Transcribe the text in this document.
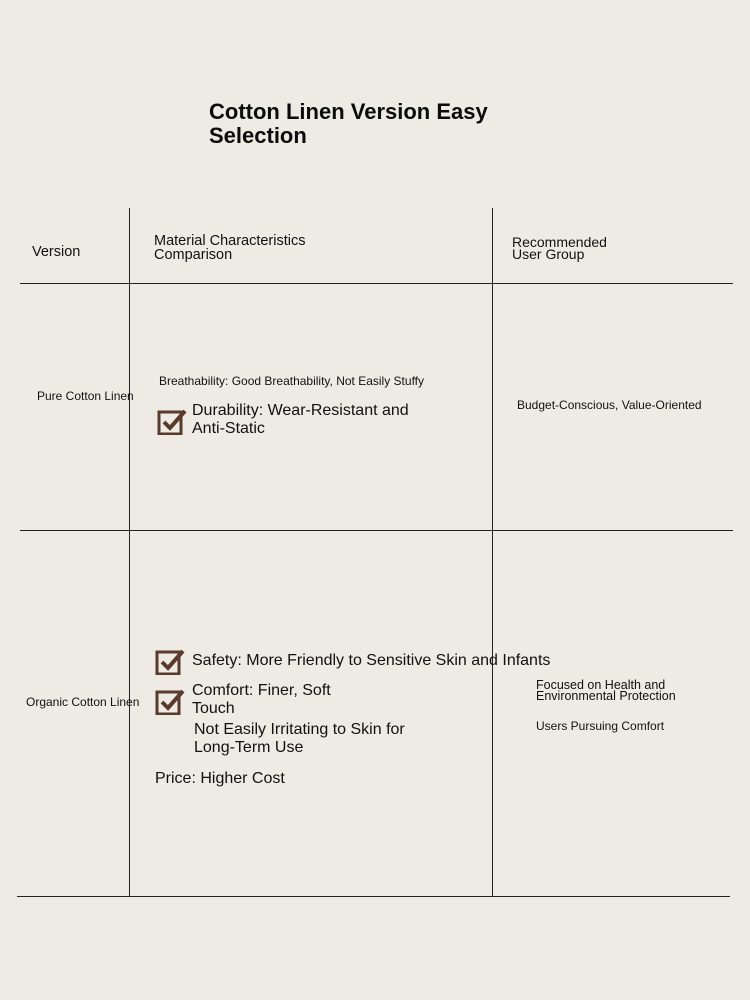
Cotton Linen Version Easy Selection
Version
Material Characteristics Comparison
Recommended User Group
Pure Cotton Linen
Breathability: Good Breathability, Not Easily Stuffy
Durability: Wear-Resistant and Anti-Static
Budget-Conscious, Value-Oriented
Organic Cotton Linen
Safety: More Friendly to Sensitive Skin and Infants
Comfort: Finer, Soft Touch
Not Easily Irritating to Skin for Long-Term Use
Price: Higher Cost
Focused on Health and Environmental Protection
Users Pursuing Comfort
